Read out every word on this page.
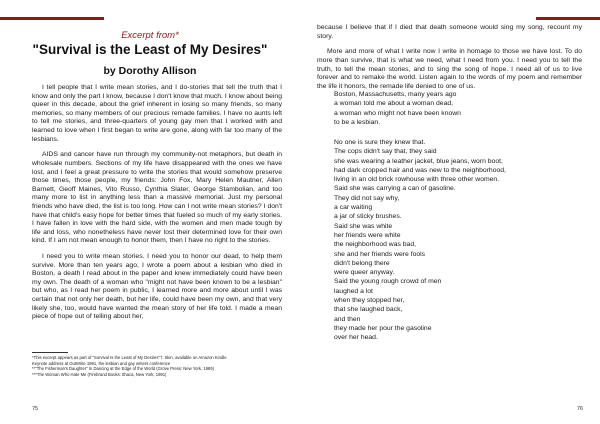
Excerpt from*
"Survival is the Least of My Desires"
by Dorothy Allison

I tell people that I write mean stories, and I do-stories that tell the truth that I know and only the part I know, because I don't know that much. I know about being queer in this decade, about the grief inherent in losing so many friends, so many memories, so many members of our precious remade families. I have no aunts left to tell me stories, and three-quarters of young gay men that I worked with and learned to love when I first began to write are gone, along with far too many of the lesbians.

AIDS and cancer have run through my community-not metaphors, but death in wholesale numbers. Sections of my life have disappeared with the ones we have lost, and I feel a great pressure to write the stories that would somehow preserve those times, those people, my friends: John Fox, Mary Helen Mautner, Allen Barnett, Geoff Maines, Vito Russo, Cynthia Slater, George Stambolian, and too many more to list in anything less than a massive memorial. Just my personal friends who have died, the list is too long. How can I not write mean stories? I don't have that child's easy hope for better times that fueled so much of my early stories. I have fallen in love with the hard side, with the women and men made tough by life and loss, who nonetheless have never lost their determined love for their own kind. If I am not mean enough to honor them, then I have no right to the stories.

I need you to write mean stories. I need you to honor our dead, to help them survive. More than ten years ago, I wrote a poem about a lesbian who died in Boston, a death I read about in the paper and knew immediately could have been my own. The death of a woman who "might not have been known to be a lesbian" but who, as I read her poem in public, I learned more and more about until I was certain that not only her death, but her life, could have been my own, and that very likely she, too, would have wanted the mean story of her life told. I made a mean piece of hope out of telling about her,

*This excerpt appears as part of "Survival Is the Least of My Desires"†. Skin, available on Amazon Kindle
Keynote address at OutWrite 1991, the lesbian and gay writers conference
**"The Fisherman's Daughter" In Dancing at the Edge of the World (Grove Press: New York, 1989)
***The Woman Who Hate Me (Firebrand Books: Ithaca, New York, 1991)
75

because I believe that if I died that death someone would sing my song, recount my story.

More and more of what I write now I write in homage to those we have lost. To do more than survive, that is what we need, what I need from you. I need you to tell the truth, to tell the mean stories, and to sing the song of hope. I need all of us to live forever and to remake the world. Listen again to the words of my poem and remember the life it honors, the remade life denied to one of us.

Boston, Massachusetts, many years ago
a woman told me about a woman dead,
a woman who might not have been known
to be a lesbian.
No one is sure they knew that.
The cops didn't say that, they said
she was wearing a leather jacket, blue jeans, worn boot,
had dark cropped hair and was new to the neighborhood,
living in an old brick rowhouse with three other women.
Said she was carrying a can of gasoline.
They did not say why,
a car waiting
a jar of sticky brushes.
Said she was white
her friends were white
the neighborhood was bad,
she and her friends were fools
didn't belong there
were queer anyway.
Said the young rough crowd of men
laughed a lot
when they stopped her,
that she laughed back,
and then
they made her pour the gasoline
over her head.
76
